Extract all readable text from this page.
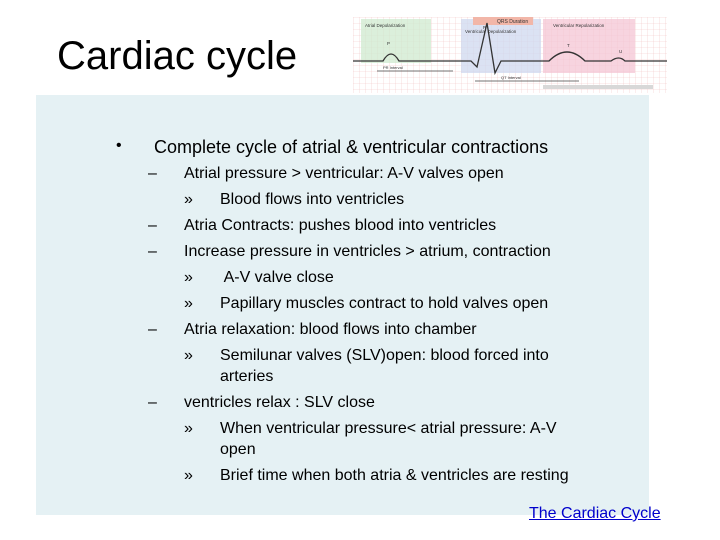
Cardiac cycle
Atrial Depolarization
QRS Duration
Ventricular Depolarization
Ventricular Repolarization
PR Interval
QT Interval
P
R
T
U
• Complete cycle of atrial & ventricular contractions
– Atrial pressure > ventricular: A-V valves open
» Blood flows into ventricles
– Atria Contracts: pushes blood into ventricles
– Increase pressure in ventricles > atrium, contraction
» A-V valve close
» Papillary muscles contract to hold valves open
– Atria relaxation: blood flows into chamber
» Semilunar valves (SLV)open: blood forced into
arteries
– ventricles relax : SLV close
» When ventricular pressure< atrial pressure: A-V
open
» Brief time when both atria & ventricles are resting
The Cardiac Cycle
